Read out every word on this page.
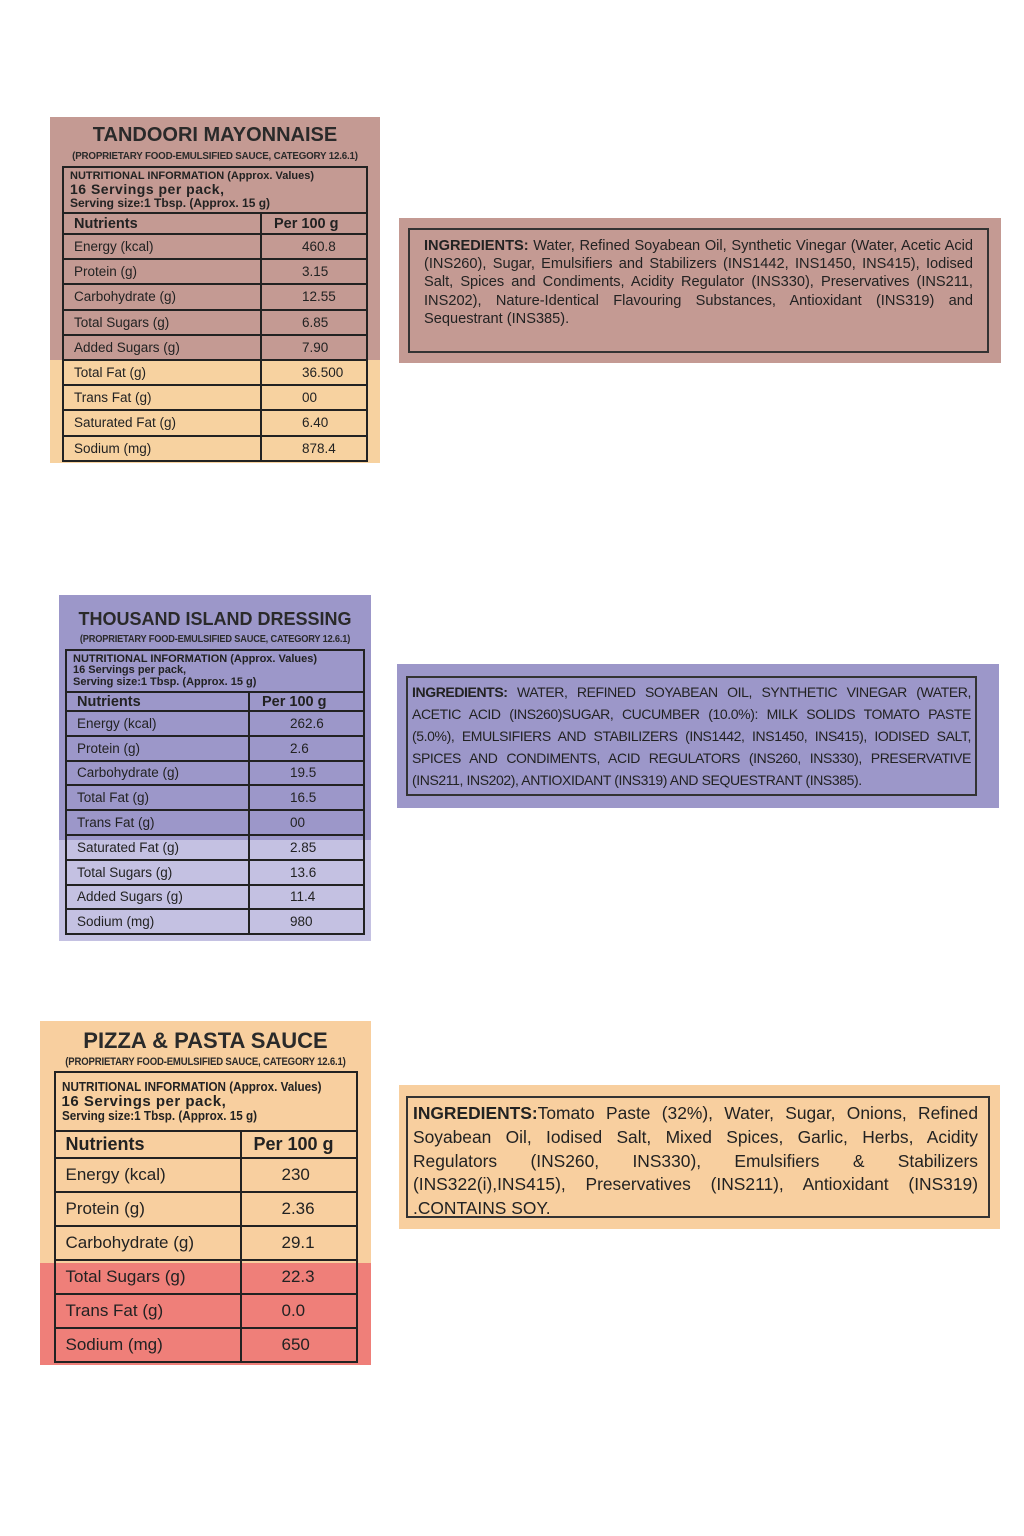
TANDOORI MAYONNAISE
(PROPRIETARY FOOD-EMULSIFIED SAUCE, CATEGORY 12.6.1)
NUTRITIONAL INFORMATION (Approx. Values)
16 Servings per pack,
Serving size:1 Tbsp. (Approx. 15 g)	

Nutrients	Per 100 g
Energy (kcal)	460.8
Protein (g)	3.15
Carbohydrate (g)	12.55
Total Sugars (g)	6.85
Added Sugars (g)	7.90
Total Fat (g)	36.500
Trans Fat (g)	00
Saturated Fat (g)	6.40
Sodium (mg)	878.4
INGREDIENTS: Water, Refined Soyabean Oil, Synthetic Vinegar (Water, Acetic Acid (INS260), Sugar, Emulsifiers and Stabilizers (INS1442, INS1450, INS415), Iodised Salt, Spices and Condiments, Acidity Regulator (INS330), Preservatives (INS211, INS202), Nature-Identical Flavouring Substances, Antioxidant (INS319) and Sequestrant (INS385).
THOUSAND ISLAND DRESSING
(PROPRIETARY FOOD-EMULSIFIED SAUCE, CATEGORY 12.6.1)
NUTRITIONAL INFORMATION (Approx. Values)
16 Servings per pack,
Serving size:1 Tbsp. (Approx. 15 g)	

Nutrients	Per 100 g
Energy (kcal)	262.6
Protein (g)	2.6
Carbohydrate (g)	19.5
Total Fat (g)	16.5
Trans Fat (g)	00
Saturated Fat (g)	2.85
Total Sugars (g)	13.6
Added Sugars (g)	11.4
Sodium (mg)	980
INGREDIENTS: WATER, REFINED SOYABEAN OIL, SYNTHETIC VINEGAR (WATER, ACETIC ACID (INS260)SUGAR, CUCUMBER (10.0%): MILK SOLIDS TOMATO PASTE (5.0%), EMULSIFIERS AND STABILIZERS (INS1442, INS1450, INS415), IODISED SALT, SPICES AND CONDIMENTS, ACID REGULATORS (INS260, INS330), PRESERVATIVE (INS211, INS202), ANTIOXIDANT (INS319) AND SEQUESTRANT (INS385).
PIZZA & PASTA SAUCE
(PROPRIETARY FOOD-EMULSIFIED SAUCE, CATEGORY 12.6.1)
NUTRITIONAL INFORMATION (Approx. Values)
16 Servings per pack,
Serving size:1 Tbsp. (Approx. 15 g)	

Nutrients	Per 100 g
Energy (kcal)	230
Protein (g)	2.36
Carbohydrate (g)	29.1
Total Sugars (g)	22.3
Trans Fat (g)	0.0
Sodium (mg)	650
INGREDIENTS:Tomato Paste (32%), Water, Sugar, Onions, Refined Soyabean Oil, Iodised Salt, Mixed Spices, Garlic, Herbs, Acidity Regulators (INS260, INS330), Emulsifiers & Stabilizers (INS322(i),INS415), Preservatives (INS211), Antioxidant (INS319) .CONTAINS SOY.
